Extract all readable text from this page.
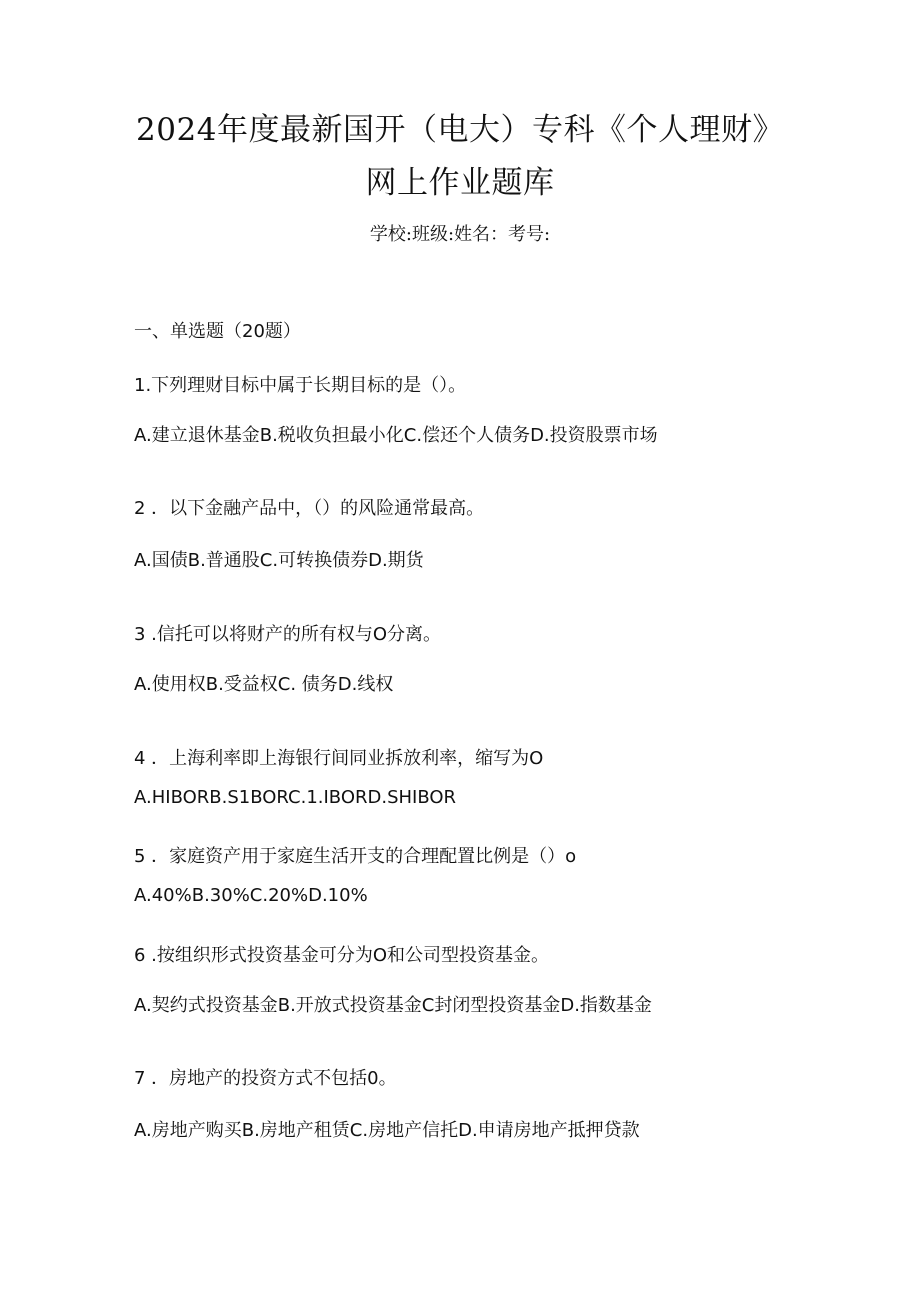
2024年度最新国开（电大）专科《个人理财》
网上作业题库
学校:班级:姓名：考号:
一、单选题（20题）
1.下列理财目标中属于长期目标的是（）。
A.建立退休基金B.税收负担最小化C.偿还个人债务D.投资股票市场
2 ．以下金融产品中，（）的风险通常最高。
A.国债B.普通股C.可转换债券D.期货
3 .信托可以将财产的所有权与O分离。
A.使用权B.受益权C. 债务D.线权
4 ．上海利率即上海银行间同业拆放利率，缩写为O
A.HIBORB.S1BORC.1.IBORD.SHIBOR
5 ．家庭资产用于家庭生活开支的合理配置比例是（）o
A.40%B.30%C.20%D.10%
6 .按组织形式投资基金可分为O和公司型投资基金。
A.契约式投资基金B.开放式投资基金C封闭型投资基金D.指数基金
7 ．房地产的投资方式不包括0。
A.房地产购买B.房地产租赁C.房地产信托D.申请房地产抵押贷款
